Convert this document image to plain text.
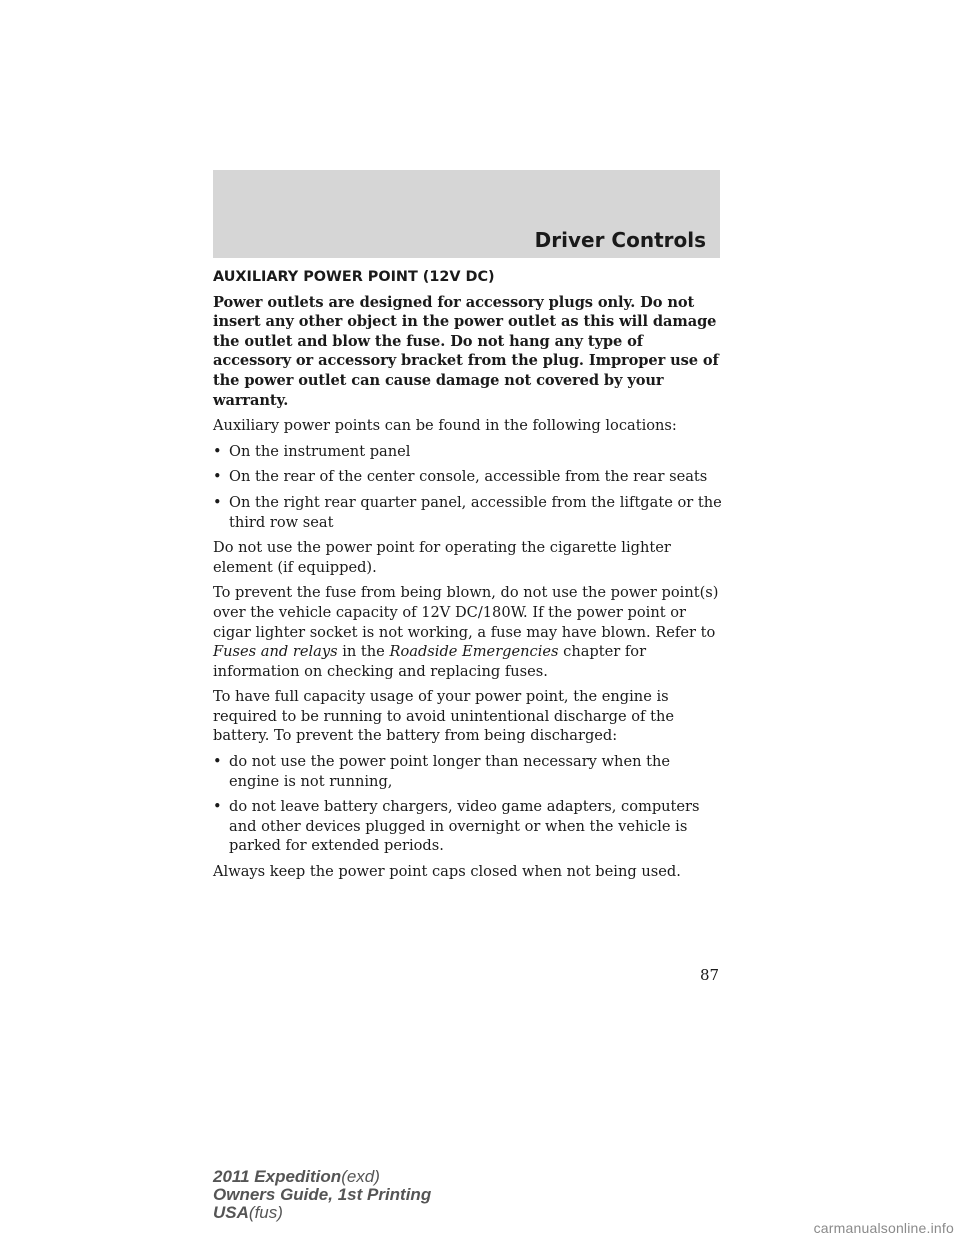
Driver Controls
AUXILIARY POWER POINT (12V DC)

Power outlets are designed for accessory plugs only. Do not insert any other object in the power outlet as this will damage the outlet and blow the fuse. Do not hang any type of accessory or accessory bracket from the plug. Improper use of the power outlet can cause damage not covered by your warranty.

Auxiliary power points can be found in the following locations:

• On the instrument panel
• On the rear of the center console, accessible from the rear seats
• On the right rear quarter panel, accessible from the liftgate or the third row seat

Do not use the power point for operating the cigarette lighter element (if equipped).

To prevent the fuse from being blown, do not use the power point(s) over the vehicle capacity of 12V DC/180W. If the power point or cigar lighter socket is not working, a fuse may have blown. Refer to Fuses and relays in the Roadside Emergencies chapter for information on checking and replacing fuses.

To have full capacity usage of your power point, the engine is required to be running to avoid unintentional discharge of the battery. To prevent the battery from being discharged:

• do not use the power point longer than necessary when the engine is not running,
• do not leave battery chargers, video game adapters, computers and other devices plugged in overnight or when the vehicle is parked for extended periods.

Always keep the power point caps closed when not being used.

87
2011 Expedition(exd)
Owners Guide, 1st Printing
USA(fus)
carmanualsonline.info
